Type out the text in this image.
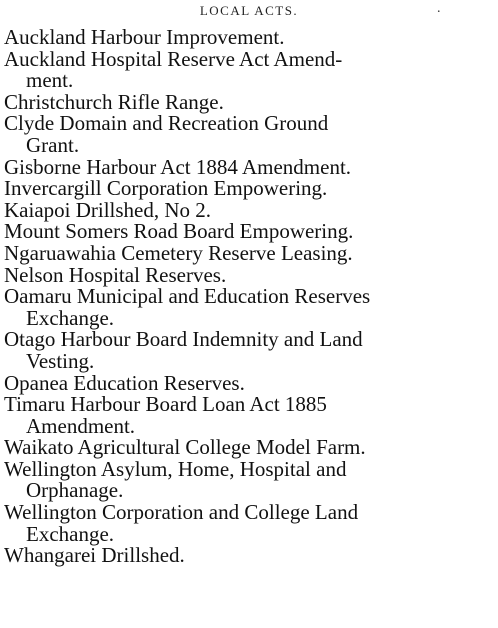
LOCAL ACTS.	.
Auckland Harbour Improvement.
Auckland Hospital Reserve Act Amend-
ment.
Christchurch Rifle Range.
Clyde Domain and Recreation Ground
Grant.
Gisborne Harbour Act 1884 Amendment.
Invercargill Corporation Empowering.
Kaiapoi Drillshed, No 2.
Mount Somers Road Board Empowering.
Ngaruawahia Cemetery Reserve Leasing.
Nelson Hospital Reserves.
Oamaru Municipal and Education Reserves
Exchange.
Otago Harbour Board Indemnity and Land
Vesting.
Opanea Education Reserves.
Timaru Harbour Board Loan Act 1885
Amendment.
Waikato Agricultural College Model Farm.
Wellington Asylum, Home, Hospital and
Orphanage.
Wellington Corporation and College Land
Exchange.
Whangarei Drillshed.
